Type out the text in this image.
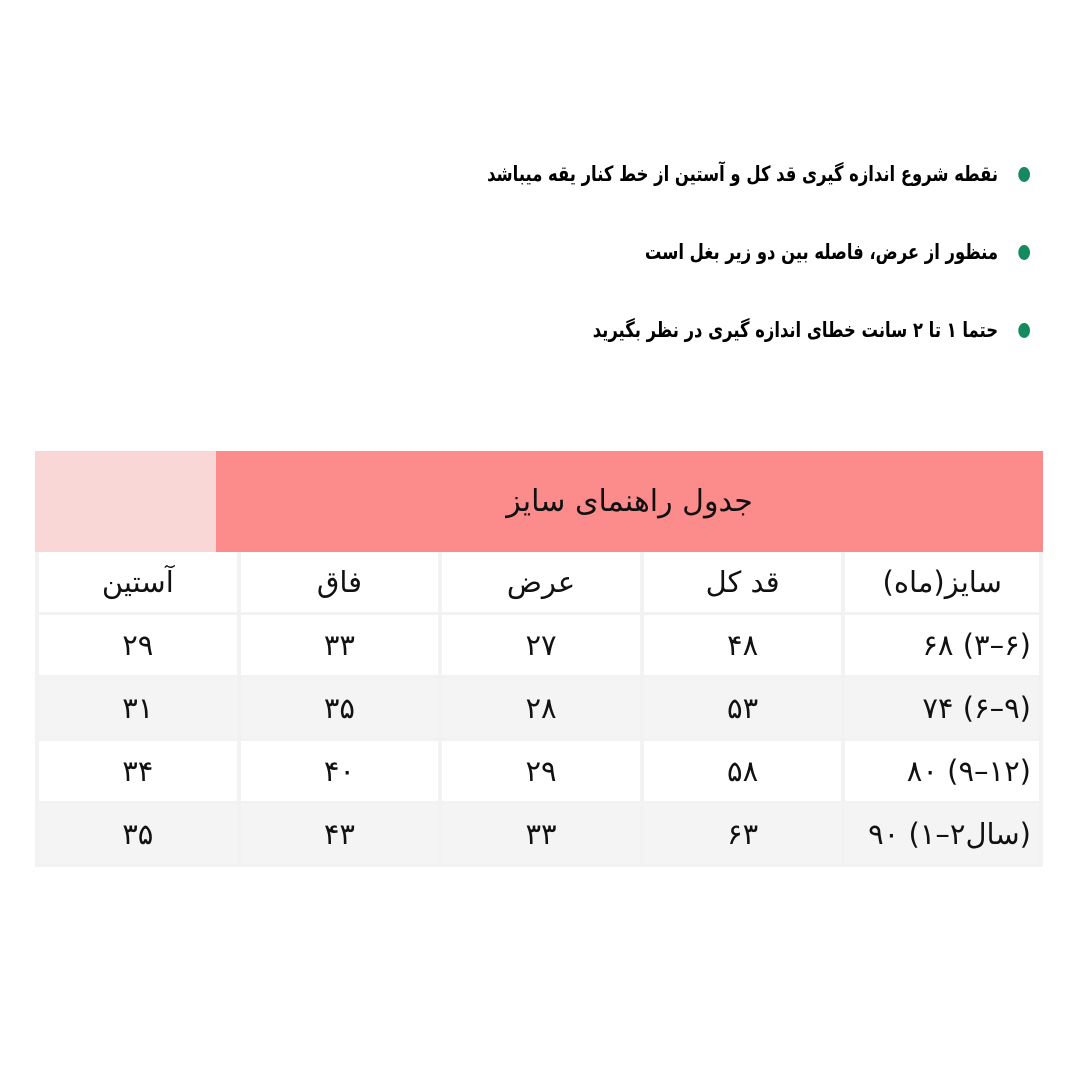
نقطه شروع اندازه گیری قد کل و آستین از خط کنار یقه میباشد
منظور از عرض، فاصله بین دو زیر بغل است
حتما ۱ تا ۲ سانت خطای اندازه گیری در نظر بگیرید
جدول راهنمای سایز
سایز(ماه)	قد کل	عرض	فاق	آستین
۶۸ (۳–۶)	۴۸	۲۷	۳۳	۲۹
۷۴ (۶–۹)	۵۳	۲۸	۳۵	۳۱
۸۰ (۹–۱۲)	۵۸	۲۹	۴۰	۳۴
۹۰ (۱–۲سال)	۶۳	۳۳	۴۳	۳۵
